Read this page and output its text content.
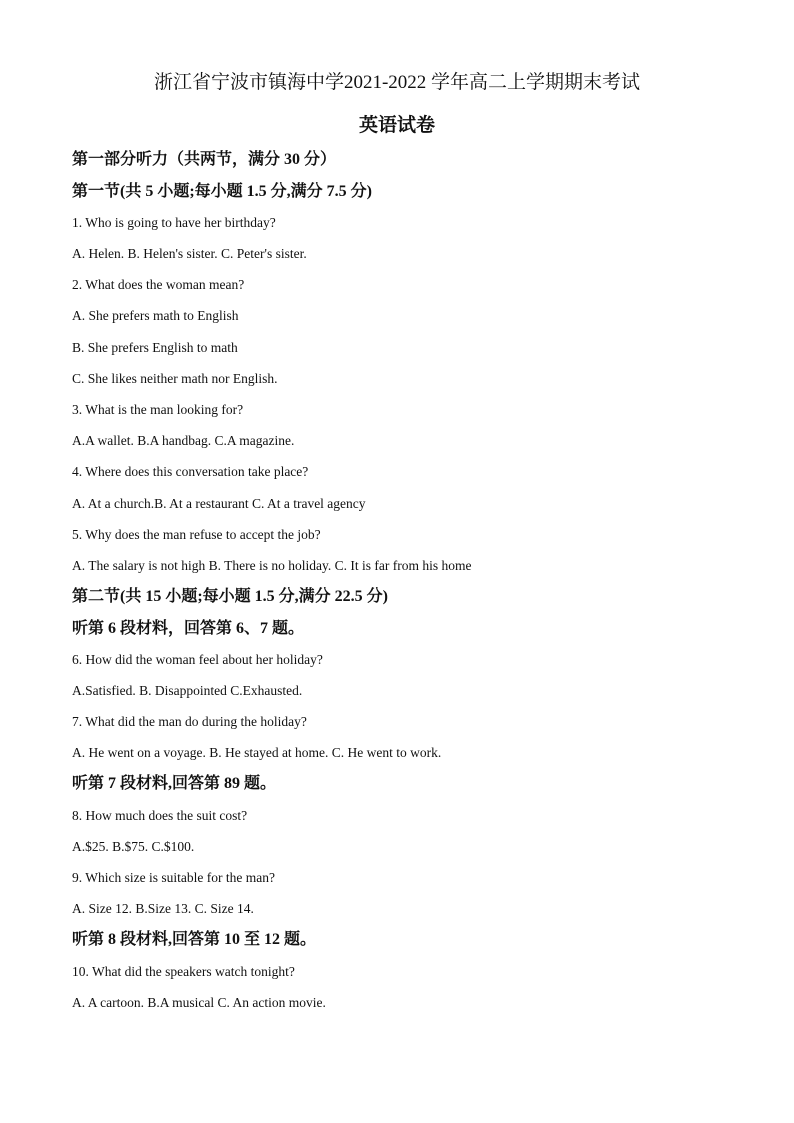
浙江省宁波市镇海中学2021-2022 学年高二上学期期末考试
英语试卷
第一部分听力（共两节，满分 30 分）
第一节(共 5 小题;每小题 1.5 分,满分 7.5 分)
1. Who is going to have her birthday?
A. Helen. B. Helen's sister. C. Peter's sister.
2. What does the woman mean?
A. She prefers math to English
B. She prefers English to math
C. She likes neither math nor English.
3. What is the man looking for?
A.A wallet. B.A handbag. C.A magazine.
4. Where does this conversation take place?
A. At a church.B. At a restaurant C. At a travel agency
5. Why does the man refuse to accept the job?
A. The salary is not high B. There is no holiday. C. It is far from his home
第二节(共 15 小题;每小题 1.5 分,满分 22.5 分)
听第 6 段材料，回答第 6、7 题。
6. How did the woman feel about her holiday?
A.Satisfied. B. Disappointed C.Exhausted.
7. What did the man do during the holiday?
A. He went on a voyage. B. He stayed at home. C. He went to work.
听第 7 段材料,回答第 89 题。
8. How much does the suit cost?
A.$25. B.$75. C.$100.
9. Which size is suitable for the man?
A. Size 12. B.Size 13. C. Size 14.
听第 8 段材料,回答第 10 至 12 题。
10. What did the speakers watch tonight?
A. A cartoon. B.A musical C. An action movie.
